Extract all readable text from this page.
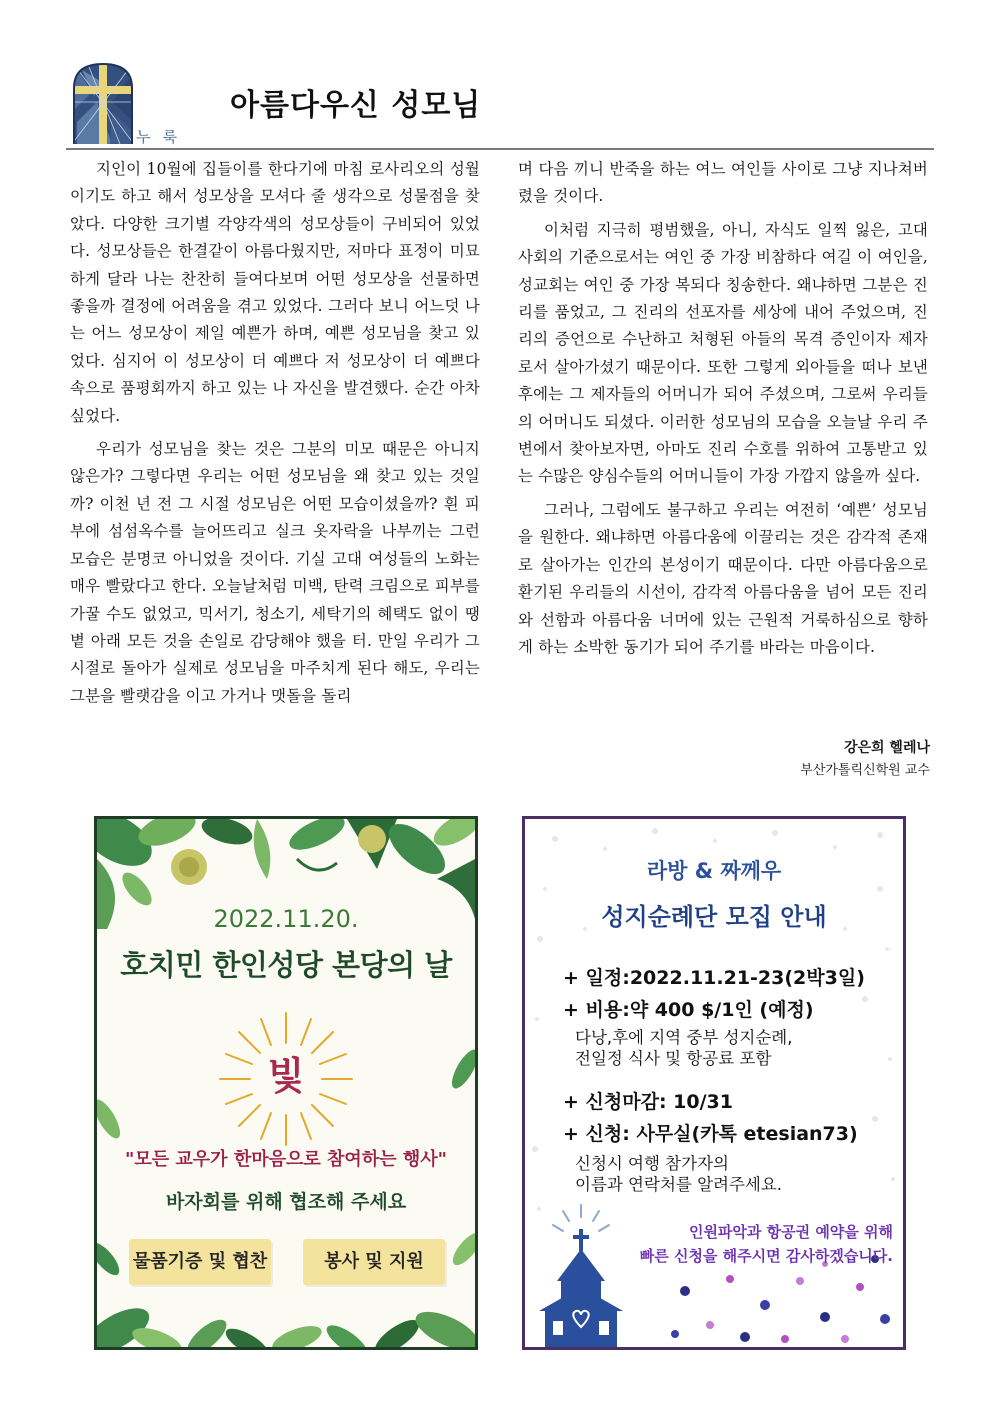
누 룩
아름다우신 성모님

지인이 10월에 집들이를 한다기에 마침 로사리오의 성월이기도 하고 해서 성모상을 모셔다 줄 생각으로 성물점을 찾았다. 다양한 크기별 각양각색의 성모상들이 구비되어 있었다. 성모상들은 한결같이 아름다웠지만, 저마다 표정이 미묘하게 달라 나는 찬찬히 들여다보며 어떤 성모상을 선물하면 좋을까 결정에 어려움을 겪고 있었다. 그러다 보니 어느덧 나는 어느 성모상이 제일 예쁜가 하며, 예쁜 성모님을 찾고 있었다. 심지어 이 성모상이 더 예쁘다 저 성모상이 더 예쁘다 속으로 품평회까지 하고 있는 나 자신을 발견했다. 순간 아차 싶었다.

우리가 성모님을 찾는 것은 그분의 미모 때문은 아니지 않은가? 그렇다면 우리는 어떤 성모님을 왜 찾고 있는 것일까? 이천 년 전 그 시절 성모님은 어떤 모습이셨을까? 흰 피부에 섬섬옥수를 늘어뜨리고 실크 옷자락을 나부끼는 그런 모습은 분명코 아니었을 것이다. 기실 고대 여성들의 노화는 매우 빨랐다고 한다. 오늘날처럼 미백, 탄력 크림으로 피부를 가꿀 수도 없었고, 믹서기, 청소기, 세탁기의 혜택도 없이 땡볕 아래 모든 것을 손일로 감당해야 했을 터. 만일 우리가 그 시절로 돌아가 실제로 성모님을 마주치게 된다 해도, 우리는 그분을 빨랫감을 이고 가거나 맷돌을 돌리

며 다음 끼니 반죽을 하는 여느 여인들 사이로 그냥 지나쳐버렸을 것이다.

이처럼 지극히 평범했을, 아니, 자식도 일찍 잃은, 고대 사회의 기준으로서는 여인 중 가장 비참하다 여길 이 여인을, 성교회는 여인 중 가장 복되다 칭송한다. 왜냐하면 그분은 진리를 품었고, 그 진리의 선포자를 세상에 내어 주었으며, 진리의 증언으로 수난하고 처형된 아들의 목격 증인이자 제자로서 살아가셨기 때문이다. 또한 그렇게 외아들을 떠나 보낸 후에는 그 제자들의 어머니가 되어 주셨으며, 그로써 우리들의 어머니도 되셨다. 이러한 성모님의 모습을 오늘날 우리 주변에서 찾아보자면, 아마도 진리 수호를 위하여 고통받고 있는 수많은 양심수들의 어머니들이 가장 가깝지 않을까 싶다.

그러나, 그럼에도 불구하고 우리는 여전히 ‘예쁜’ 성모님을 원한다. 왜냐하면 아름다움에 이끌리는 것은 감각적 존재로 살아가는 인간의 본성이기 때문이다. 다만 아름다움으로 환기된 우리들의 시선이, 감각적 아름다움을 넘어 모든 진리와 선함과 아름다움 너머에 있는 근원적 거룩하심으로 향하게 하는 소박한 동기가 되어 주기를 바라는 마음이다.

강은희 헬레나
부산가톨릭신학원 교수
2022.11.20.
호치민 한인성당 본당의 날
빛
"모든 교우가 한마음으로 참여하는 행사"
바자회를 위해 협조해 주세요
물품기증 및 협찬	봉사 및 지원
라방 & 짜께우
성지순례단 모집 안내
+ 일정:2022.11.21-23(2박3일)
+ 비용:약 400 $/1인 (예정)
다낭,후에 지역 중부 성지순례,
전일정 식사 및 항공료 포함
+ 신청마감: 10/31
+ 신청: 사무실(카톡 etesian73)
신청시 여행 참가자의
이름과 연락처를 알려주세요.
인원파악과 항공권 예약을 위해
빠른 신청을 해주시면 감사하겠습니다.
